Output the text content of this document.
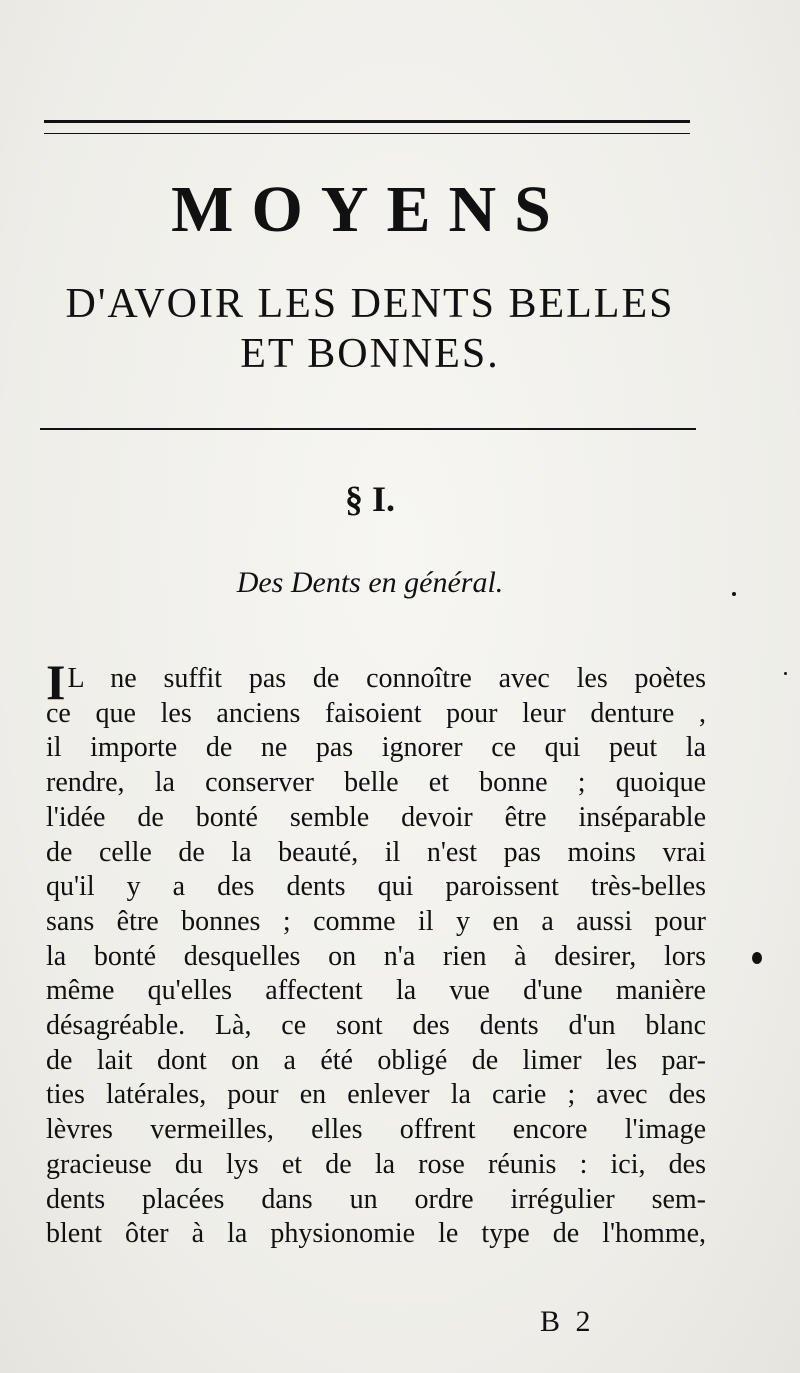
MOYENS
D'AVOIR LES DENTS BELLES
ET BONNES.
§ I.
Des Dents en général.
I L ne suffit pas de connoître avec les poètes
ce que les anciens faisoient pour leur denture ,
il importe de ne pas ignorer ce qui peut la
rendre, la conserver belle et bonne ; quoique
l'idée de bonté semble devoir être inséparable
de celle de la beauté, il n'est pas moins vrai
qu'il y a des dents qui paroissent très-belles
sans être bonnes ; comme il y en a aussi pour
la bonté desquelles on n'a rien à desirer, lors
même qu'elles affectent la vue d'une manière
désagréable. Là, ce sont des dents d'un blanc
de lait dont on a été obligé de limer les par-
ties latérales, pour en enlever la carie ; avec des
lèvres vermeilles, elles offrent encore l'image
gracieuse du lys et de la rose réunis : ici, des
dents placées dans un ordre irrégulier sem-
blent ôter à la physionomie le type de l'homme,
B 2
